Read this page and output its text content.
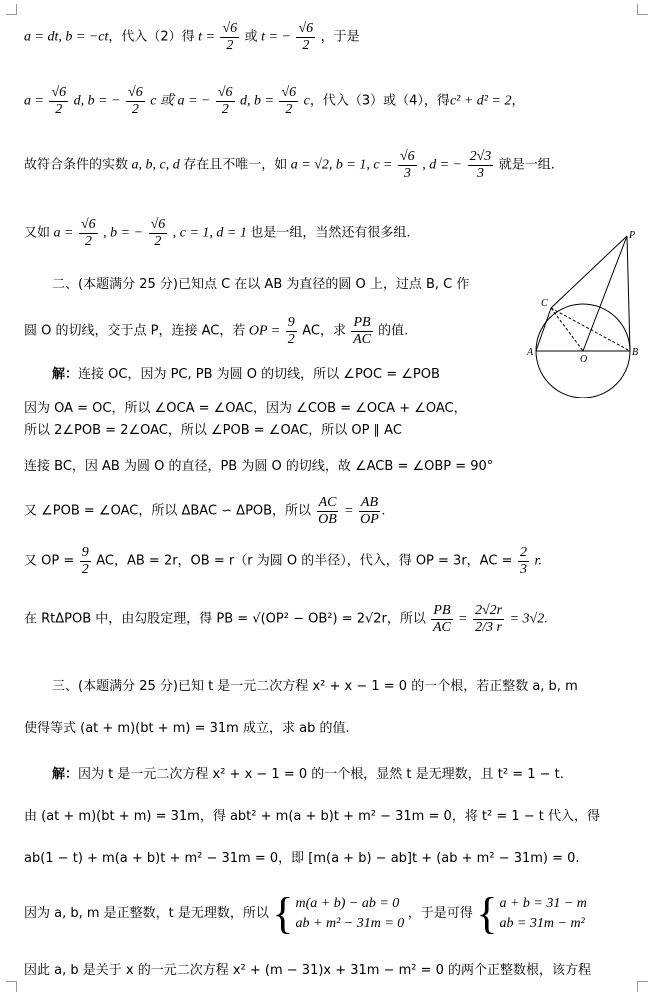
a = dt, b = −ct，代入（2）得 $t = \frac{√6}{2}$ 或 t = − $\frac{√6}{2}$ ，于是
$a = \frac{√6}{2} d$, b = − $\frac{√6}{2}$ c 或 a = − $\frac{√6}{2} d$, $b = \frac{√6}{2}$ c，代入（3）或（4），得c² + d² = 2，
故符合条件的实数 a, b, c, d 存在且不唯一，如 a = √2, b = 1, $c = \frac{√6}{3}$ , d = − $\frac{2√3}{3}$ 就是一组.
又如 $a = \frac{√6}{2}$ , b = − $\frac{√6}{2}$ , c = 1, d = 1 也是一组，当然还有很多组.
二、(本题满分 25 分)已知点 C 在以 AB 为直径的圆 O 上，过点 B, C 作
圆 O 的切线，交于点 P，连接 AC，若 OP = $\frac{9}{2}$ AC，求 $\frac{PB}{AC}$ 的值.
P
C
A
O
B
解：连接 OC，因为 PC, PB 为圆 O 的切线，所以 ∠POC = ∠POB
因为 OA = OC，所以 ∠OCA = ∠OAC，因为 ∠COB = ∠OCA + ∠OAC，
所以 2∠POB = 2∠OAC，所以 ∠POB = ∠OAC，所以 OP ∥ AC
连接 BC，因 AB 为圆 O 的直径，PB 为圆 O 的切线，故 ∠ACB = ∠OBP = 90°
又 ∠POB = ∠OAC，所以 ΔBAC ∽ ΔPOB，所以 $\frac{AC}{OB} = \frac{AB}{OP}$ .
又 OP = $\frac{9}{2}$ AC，AB = 2r，OB = r（r 为圆 O 的半径），代入，得 OP = 3r，AC = $\frac{2}{3} r$.
在 RtΔPOB 中，由勾股定理，得 PB = √(OP² − OB²) = 2√2r，所以 $\frac{PB}{AC} = \frac{2√2r}{2/3 r} = 3√2$.
三、(本题满分 25 分)已知 t 是一元二次方程 x² + x − 1 = 0 的一个根，若正整数 a, b, m
使得等式 (at + m)(bt + m) = 31m 成立，求 ab 的值.
解：因为 t 是一元二次方程 x² + x − 1 = 0 的一个根，显然 t 是无理数，且 t² = 1 − t.
由 (at + m)(bt + m) = 31m，得 abt² + m(a + b)t + m² − 31m = 0，将 t² = 1 − t 代入，得
ab(1 − t) + m(a + b)t + m² − 31m = 0，即 [m(a + b) − ab]t + (ab + m² − 31m) = 0.
因为 a, b, m 是正整数，t 是无理数，所以 { m(a + b) − ab = 0
ab + m² − 31m = 0
，于是可得 { a + b = 31 − m
ab = 31m − m²
因此 a, b 是关于 x 的一元二次方程 x² + (m − 31)x + 31m − m² = 0 的两个正整数根，该方程
